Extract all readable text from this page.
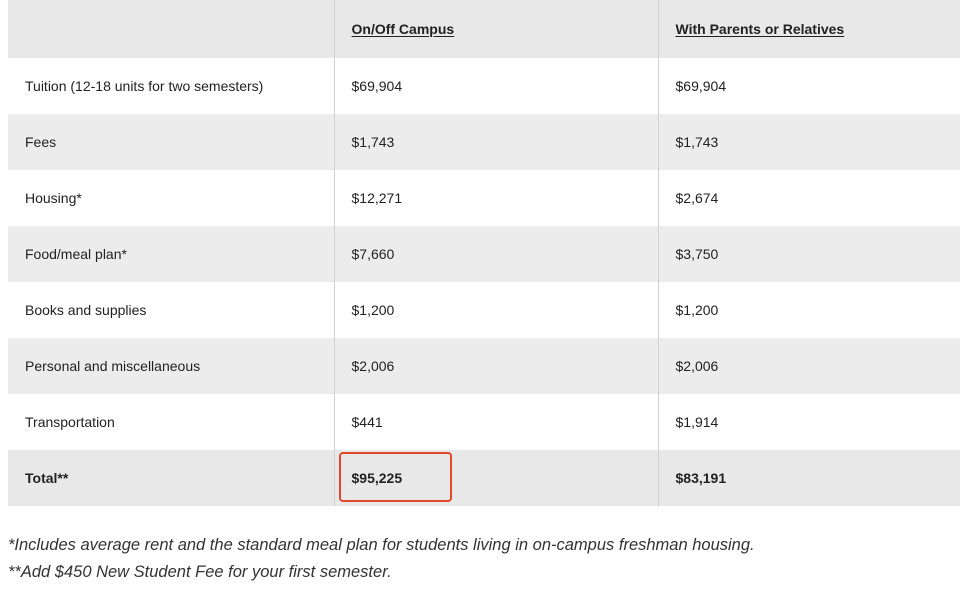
	On/Off Campus	With Parents or Relatives
Tuition (12-18 units for two semesters)	$69,904	$69,904
Fees	$1,743	$1,743
Housing*	$12,271	$2,674
Food/meal plan*	$7,660	$3,750
Books and supplies	$1,200	$1,200
Personal and miscellaneous	$2,006	$2,006
Transportation	$441	$1,914
Total**	$95,225	$83,191
*Includes average rent and the standard meal plan for students living in on-campus freshman housing.
**Add $450 New Student Fee for your first semester.
